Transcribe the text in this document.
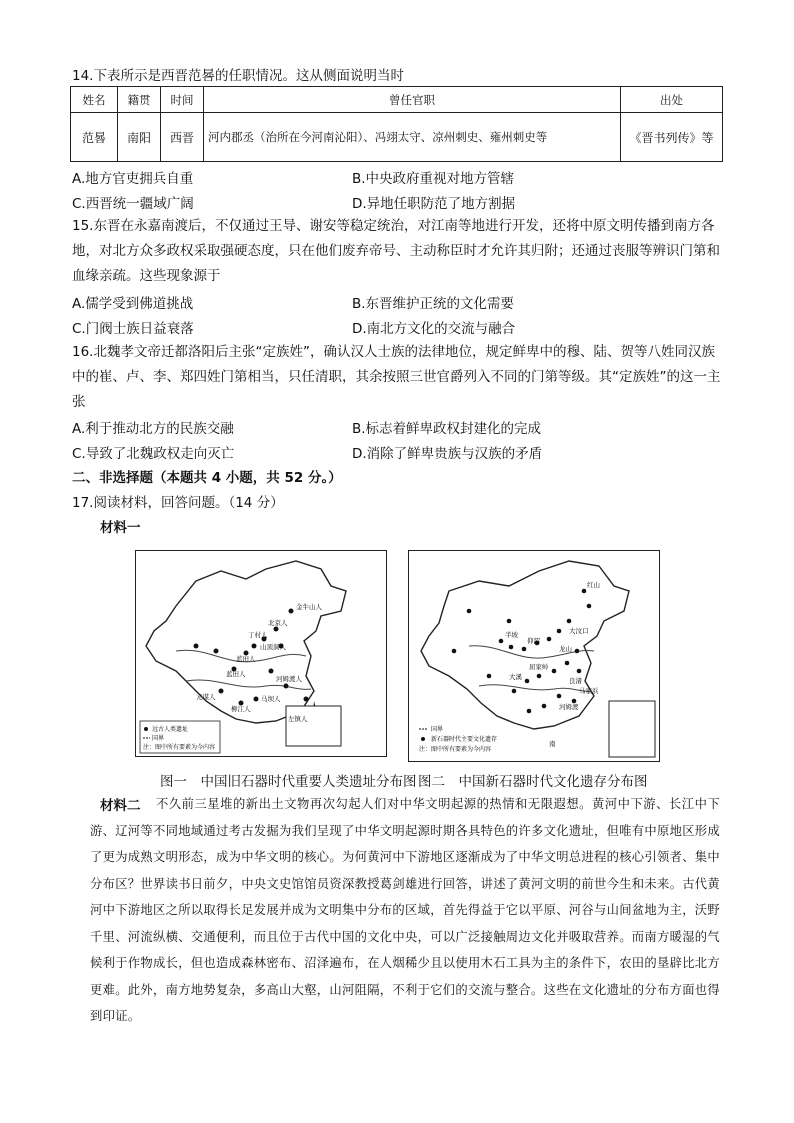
14.下表所示是西晋范晷的任职情况。这从侧面说明当时
姓名	籍贯	时间	曾任官职	出处
范晷	南阳	西晋	河内郡丞（治所在今河南沁阳）、冯翊太守、凉州刺史、雍州刺史等	《晋书列传》等
A.地方官吏拥兵自重	B.中央政府重视对地方管辖
C.西晋统一疆域广阔	D.异地任职防范了地方割据
15.东晋在永嘉南渡后，不仅通过王导、谢安等稳定统治，对江南等地进行开发，还将中原文明传播到南方各地，对北方众多政权采取强硬态度，只在他们废弃帝号、主动称臣时才允许其归附；还通过丧服等辨识门第和血缘亲疏。这些现象源于
A.儒学受到佛道挑战	B.东晋维护正统的文化需要
C.门阀士族日益衰落	D.南北方文化的交流与融合
16.北魏孝文帝迁都洛阳后主张“定族姓”，确认汉人士族的法律地位，规定鲜卑中的穆、陆、贺等八姓同汉族中的崔、卢、李、郑四姓门第相当，只任清职，其余按照三世官爵列入不同的门第等级。其“定族姓”的这一主张
A.利于推动北方的民族交融	B.标志着鲜卑政权封建化的完成
C.导致了北魏政权走向灭亡	D.消除了鲜卑贵族与汉族的矛盾
二、非选择题（本题共 4 小题，共 52 分。）
17.阅读材料，回答问题。（14 分）
材料一
金牛山人
北京人
丁村人
山顶洞人
蓝田人
元谋人
蓝田人
河姆渡人
马坝人
柳江人
左镇人
远古人类遗址
国界
注：图中所有要素为今内容
红山
大汶口
半坡
仰韶
龙山
大溪	良渚
河姆渡
屈家岭
马家浜
南
国界
新石器时代主要文化遗存
注：图中所有要素为今内容
图一　中国旧石器时代重要人类遗址分布图 图二　中国新石器时代文化遗存分布图
材料二	不久前三星堆的新出土文物再次勾起人们对中华文明起源的热情和无限遐想。黄河中下游、长江中下游、辽河等不同地域通过考古发掘为我们呈现了中华文明起源时期各具特色的许多文化遗址，但唯有中原地区形成了更为成熟文明形态，成为中华文明的核心。为何黄河中下游地区逐渐成为了中华文明总进程的核心引领者、集中分布区？世界读书日前夕，中央文史馆馆员资深教授葛剑雄进行回答，讲述了黄河文明的前世今生和未来。古代黄河中下游地区之所以取得长足发展并成为文明集中分布的区域，首先得益于它以平原、河谷与山间盆地为主，沃野千里、河流纵横、交通便利，而且位于古代中国的文化中央，可以广泛接触周边文化并吸取营养。而南方暖湿的气候利于作物成长，但也造成森林密布、沼泽遍布，在人烟稀少且以使用木石工具为主的条件下，农田的垦辟比北方更难。此外，南方地势复杂，多高山大壑，山河阻隔，不利于它们的交流与整合。这些在文化遗址的分布方面也得到印证。
